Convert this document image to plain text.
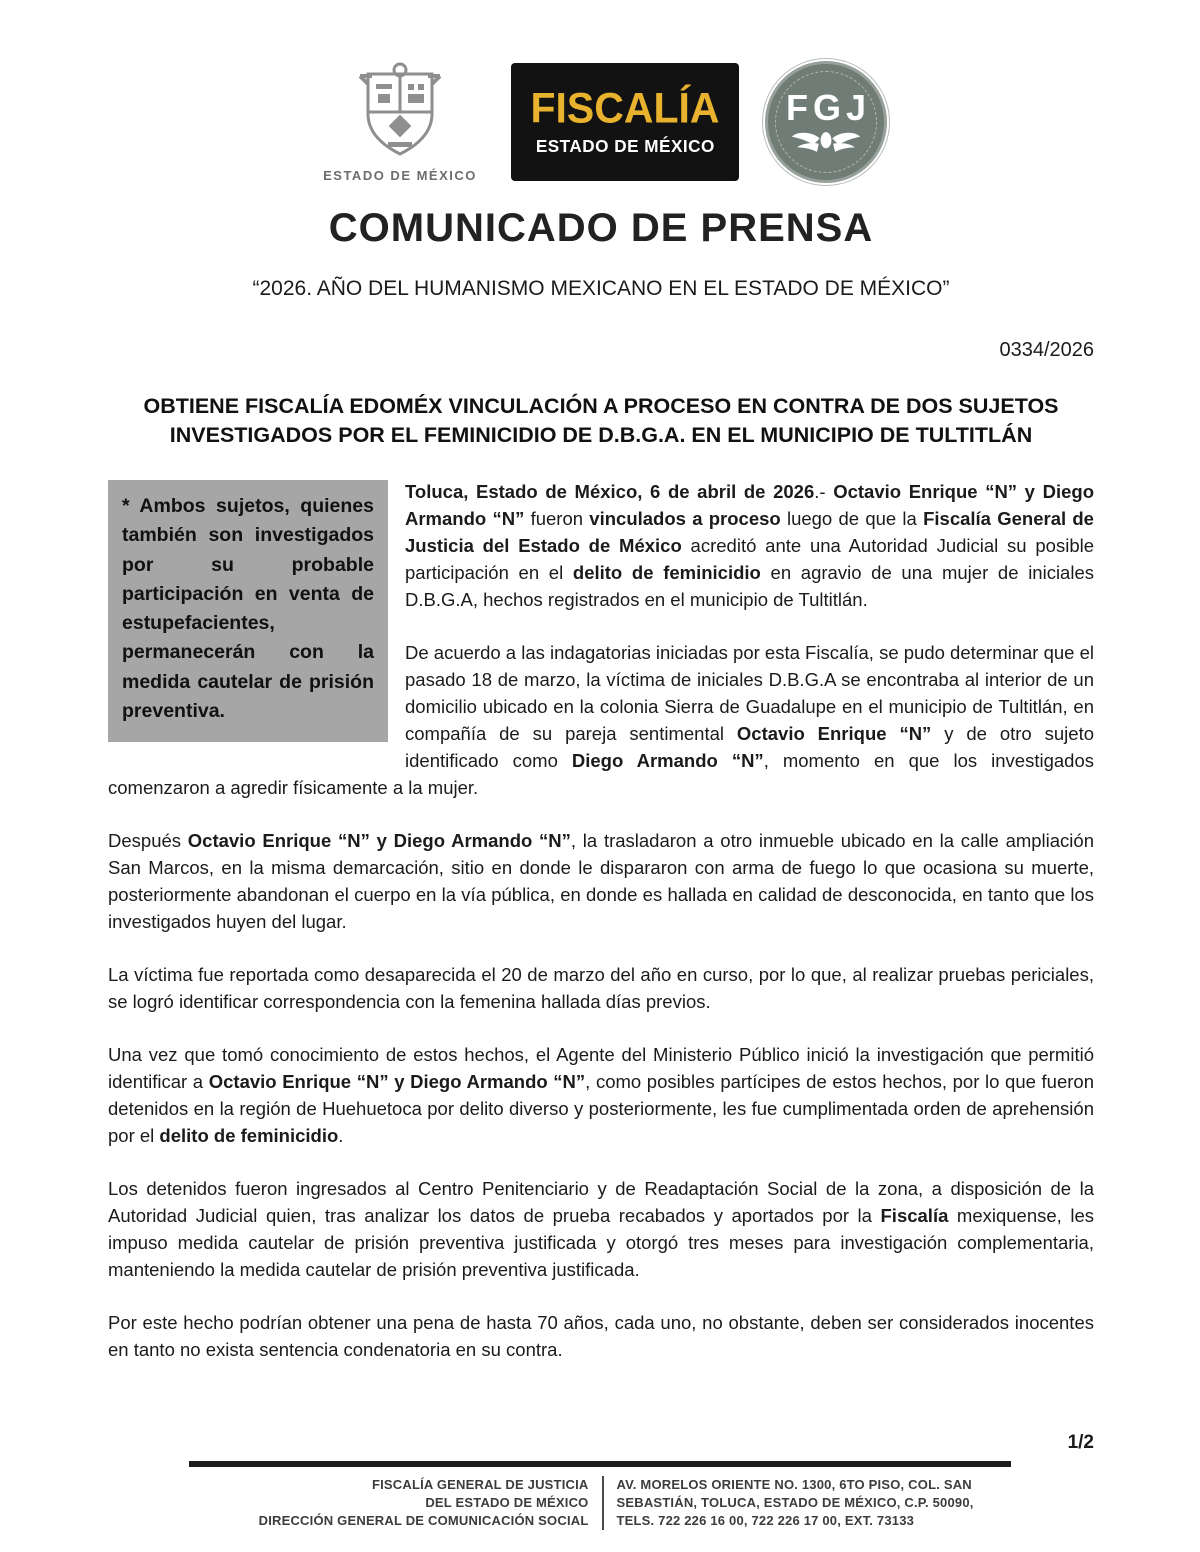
ESTADO DE MÉXICO
FISCALÍA
ESTADO DE MÉXICO
FGJ
COMUNICADO DE PRENSA
“2026. AÑO DEL HUMANISMO MEXICANO EN EL ESTADO DE MÉXICO”
0334/2026
OBTIENE FISCALÍA EDOMÉX VINCULACIÓN A PROCESO EN CONTRA DE DOS SUJETOS INVESTIGADOS POR EL FEMINICIDIO DE D.B.G.A. EN EL MUNICIPIO DE TULTITLÁN
* Ambos sujetos, quienes también son investigados por su probable participación en venta de estupefacientes, permanecerán con la medida cautelar de prisión preventiva.

Toluca, Estado de México, 6 de abril de 2026.- Octavio Enrique “N” y Diego Armando “N” fueron vinculados a proceso luego de que la Fiscalía General de Justicia del Estado de México acreditó ante una Autoridad Judicial su posible participación en el delito de feminicidio en agravio de una mujer de iniciales D.B.G.A, hechos registrados en el municipio de Tultitlán.

De acuerdo a las indagatorias iniciadas por esta Fiscalía, se pudo determinar que el pasado 18 de marzo, la víctima de iniciales D.B.G.A se encontraba al interior de un domicilio ubicado en la colonia Sierra de Guadalupe en el municipio de Tultitlán, en compañía de su pareja sentimental Octavio Enrique “N” y de otro sujeto identificado como Diego Armando “N”, momento en que los investigados comenzaron a agredir físicamente a la mujer.

Después Octavio Enrique “N” y Diego Armando “N”, la trasladaron a otro inmueble ubicado en la calle ampliación San Marcos, en la misma demarcación, sitio en donde le dispararon con arma de fuego lo que ocasiona su muerte, posteriormente abandonan el cuerpo en la vía pública, en donde es hallada en calidad de desconocida, en tanto que los investigados huyen del lugar.

La víctima fue reportada como desaparecida el 20 de marzo del año en curso, por lo que, al realizar pruebas periciales, se logró identificar correspondencia con la femenina hallada días previos.

Una vez que tomó conocimiento de estos hechos, el Agente del Ministerio Público inició la investigación que permitió identificar a Octavio Enrique “N” y Diego Armando “N”, como posibles partícipes de estos hechos, por lo que fueron detenidos en la región de Huehuetoca por delito diverso y posteriormente, les fue cumplimentada orden de aprehensión por el delito de feminicidio.

Los detenidos fueron ingresados al Centro Penitenciario y de Readaptación Social de la zona, a disposición de la Autoridad Judicial quien, tras analizar los datos de prueba recabados y aportados por la Fiscalía mexiquense, les impuso medida cautelar de prisión preventiva justificada y otorgó tres meses para investigación complementaria, manteniendo la medida cautelar de prisión preventiva justificada.

Por este hecho podrían obtener una pena de hasta 70 años, cada uno, no obstante, deben ser considerados inocentes en tanto no exista sentencia condenatoria en su contra.

1/2
FISCALÍA GENERAL DE JUSTICIA
DEL ESTADO DE MÉXICO
DIRECCIÓN GENERAL DE COMUNICACIÓN SOCIAL
AV. MORELOS ORIENTE NO. 1300, 6TO PISO, COL. SAN
SEBASTIÁN, TOLUCA, ESTADO DE MÉXICO, C.P. 50090,
TELS. 722 226 16 00, 722 226 17 00, EXT. 73133
